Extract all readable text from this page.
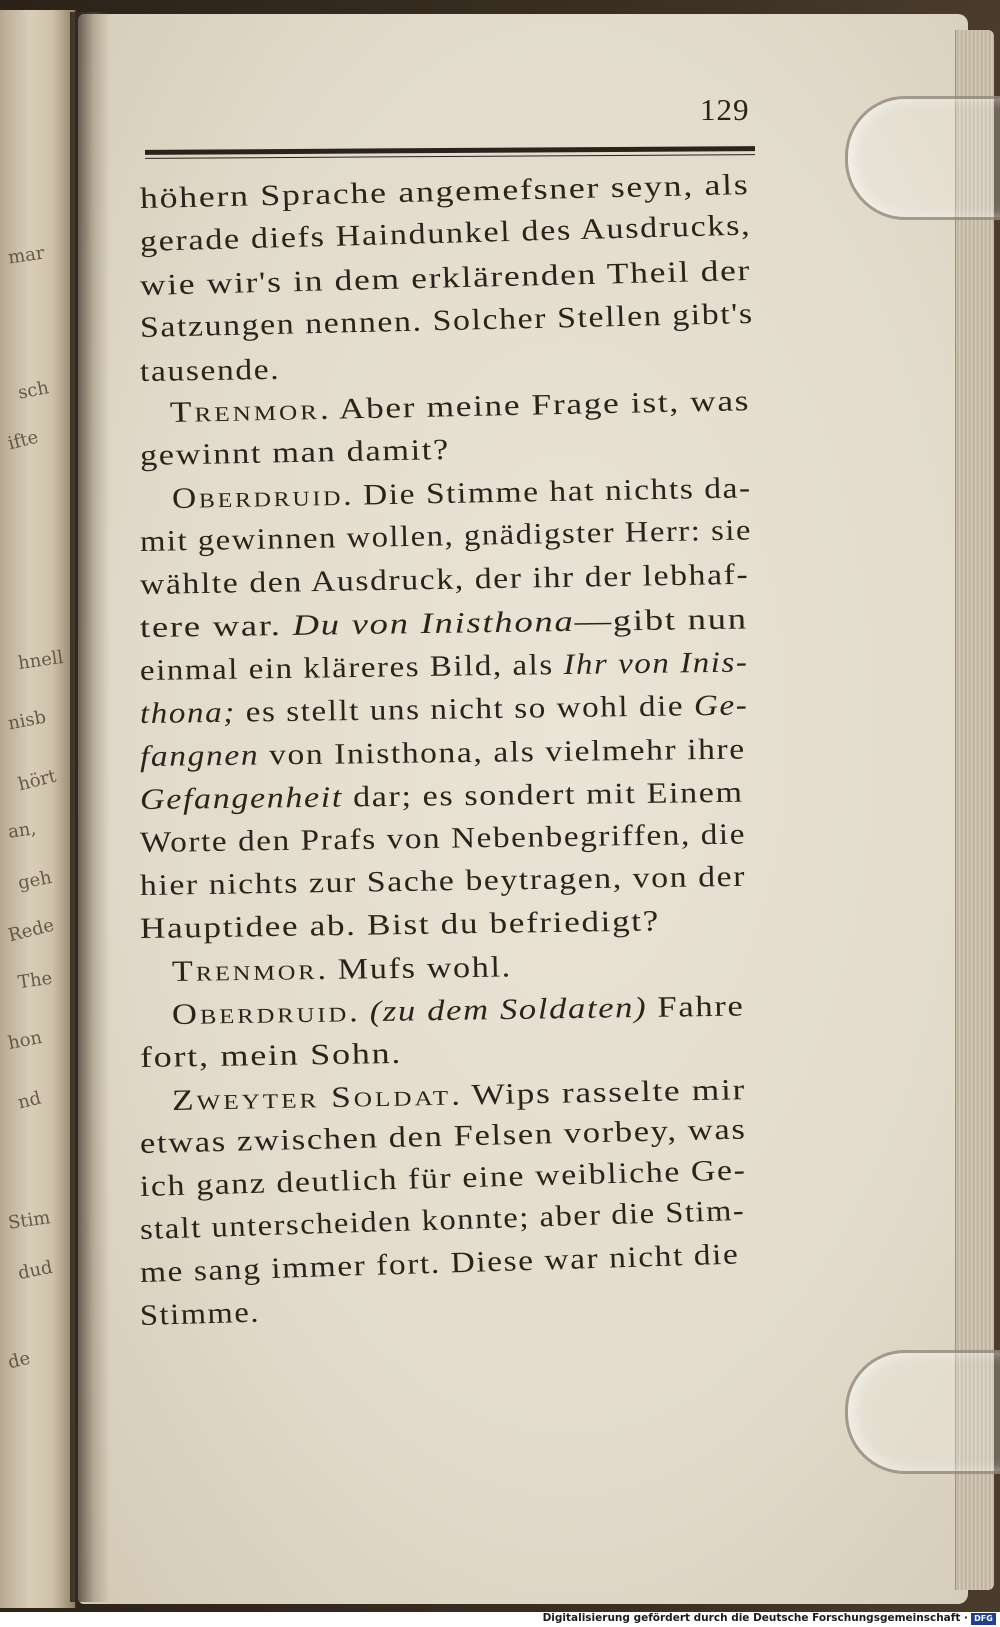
mar
sch
ifte
hnell
nisb
hört
an,
geh
Rede
The
hon
nd
Stim
dud
de
129
höhern Sprache angemefsner seyn, als
gerade diefs Haindunkel des Ausdrucks,
wie wir's in dem erklärenden Theil der
Satzungen nennen. Solcher Stellen gibt's
tausende.
Trenmor. Aber meine Frage ist, was
gewinnt man damit?
Oberdruid. Die Stimme hat nichts da-
mit gewinnen wollen, gnädigster Herr: sie
wählte den Ausdruck, der ihr der lebhaf-
tere war. Du von Inisthona—gibt nun
einmal ein kläreres Bild, als Ihr von Inis-
thona; es stellt uns nicht so wohl die Ge-
fangnen von Inisthona, als vielmehr ihre
Gefangenheit dar; es sondert mit Einem
Worte den Prafs von Nebenbegriffen, die
hier nichts zur Sache beytragen, von der
Hauptidee ab. Bist du befriedigt?
Trenmor. Mufs wohl.
Oberdruid. (zu dem Soldaten) Fahre
fort, mein Sohn.
Zweyter Soldat. Wips rasselte mir
etwas zwischen den Felsen vorbey, was
ich ganz deutlich für eine weibliche Ge-
stalt unterscheiden konnte; aber die Stim-
me sang immer fort. Diese war nicht die
Stimme.
Digitalisierung gefördert durch die Deutsche Forschungsgemeinschaft · DFG
